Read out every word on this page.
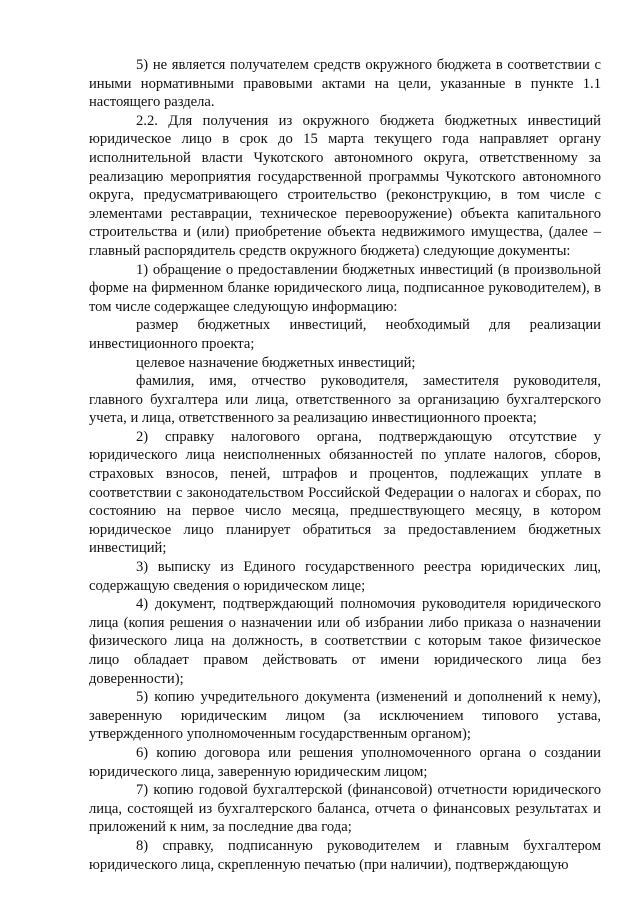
5) не является получателем средств окружного бюджета в соответствии с иными нормативными правовыми актами на цели, указанные в пункте 1.1 настоящего раздела.

2.2. Для получения из окружного бюджета бюджетных инвестиций юридическое лицо в срок до 15 марта текущего года направляет органу исполнительной власти Чукотского автономного округа, ответственному за реализацию мероприятия государственной программы Чукотского автономного округа, предусматривающего строительство (реконструкцию, в том числе с элементами реставрации, техническое перевооружение) объекта капитального строительства и (или) приобретение объекта недвижимого имущества, (далее – главный распорядитель средств окружного бюджета) следующие документы:

1) обращение о предоставлении бюджетных инвестиций (в произвольной форме на фирменном бланке юридического лица, подписанное руководителем), в том числе содержащее следующую информацию:

размер бюджетных инвестиций, необходимый для реализации инвестиционного проекта;

целевое назначение бюджетных инвестиций;

фамилия, имя, отчество руководителя, заместителя руководителя, главного бухгалтера или лица, ответственного за организацию бухгалтерского учета, и лица, ответственного за реализацию инвестиционного проекта;

2) справку налогового органа, подтверждающую отсутствие у юридического лица неисполненных обязанностей по уплате налогов, сборов, страховых взносов, пеней, штрафов и процентов, подлежащих уплате в соответствии с законодательством Российской Федерации о налогах и сборах, по состоянию на первое число месяца, предшествующего месяцу, в котором юридическое лицо планирует обратиться за предоставлением бюджетных инвестиций;

3) выписку из Единого государственного реестра юридических лиц, содержащую сведения о юридическом лице;

4) документ, подтверждающий полномочия руководителя юридического лица (копия решения о назначении или об избрании либо приказа о назначении физического лица на должность, в соответствии с которым такое физическое лицо обладает правом действовать от имени юридического лица без доверенности);

5) копию учредительного документа (изменений и дополнений к нему), заверенную юридическим лицом (за исключением типового устава, утвержденного уполномоченным государственным органом);

6) копию договора или решения уполномоченного органа о создании юридического лица, заверенную юридическим лицом;

7) копию годовой бухгалтерской (финансовой) отчетности юридического лица, состоящей из бухгалтерского баланса, отчета о финансовых результатах и приложений к ним, за последние два года;

8) справку, подписанную руководителем и главным бухгалтером юридического лица, скрепленную печатью (при наличии), подтверждающую
